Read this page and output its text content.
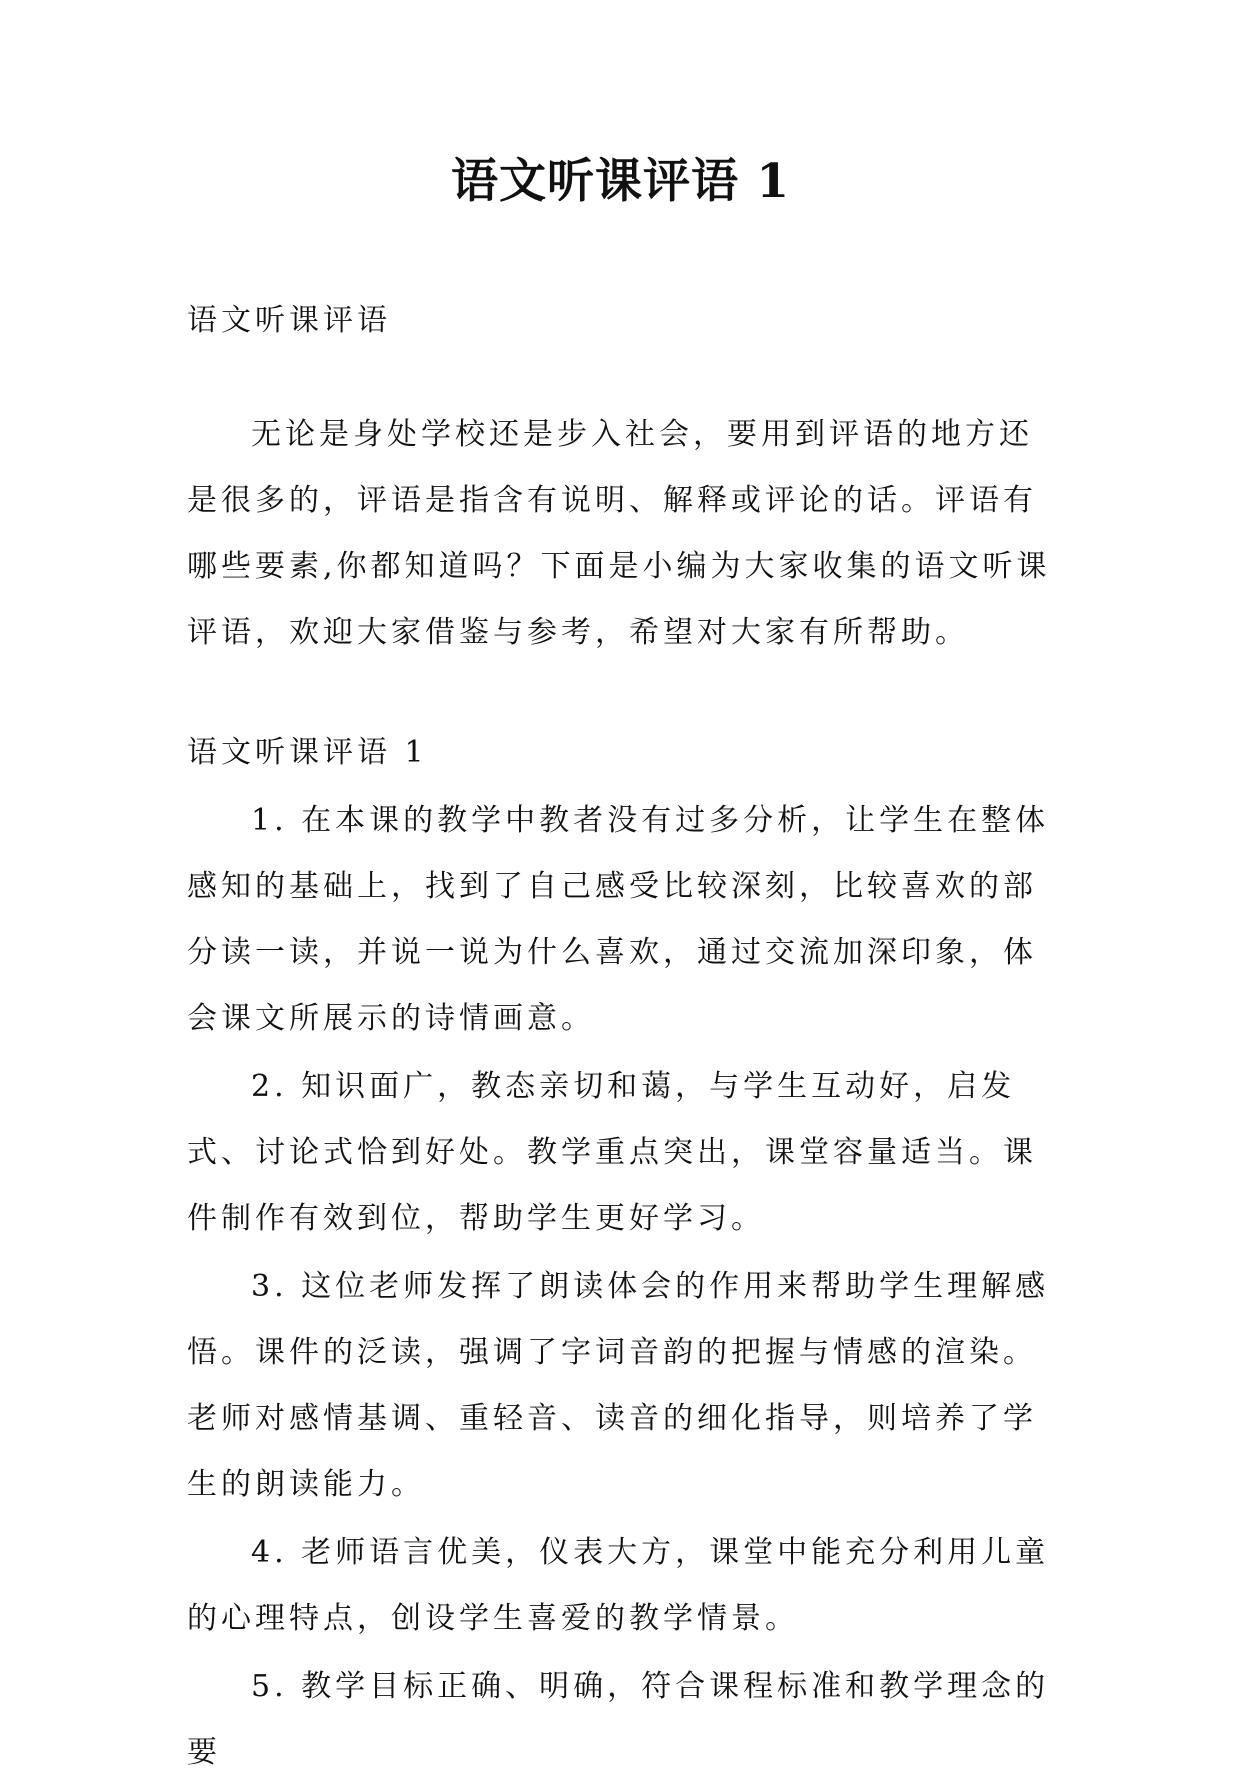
语文听课评语 1

语文听课评语

无论是身处学校还是步入社会，要用到评语的地方还是很多的，评语是指含有说明、解释或评论的话。评语有哪些要素,你都知道吗？下面是小编为大家收集的语文听课评语，欢迎大家借鉴与参考，希望对大家有所帮助。

语文听课评语 1

1. 在本课的教学中教者没有过多分析，让学生在整体感知的基础上，找到了自己感受比较深刻，比较喜欢的部分读一读，并说一说为什么喜欢，通过交流加深印象，体会课文所展示的诗情画意。

2. 知识面广，教态亲切和蔼，与学生互动好，启发式、讨论式恰到好处。教学重点突出，课堂容量适当。课件制作有效到位，帮助学生更好学习。

3. 这位老师发挥了朗读体会的作用来帮助学生理解感悟。课件的泛读，强调了字词音韵的把握与情感的渲染。老师对感情基调、重轻音、读音的细化指导，则培养了学生的朗读能力。

4. 老师语言优美，仪表大方，课堂中能充分利用儿童的心理特点，创设学生喜爱的教学情景。

5. 教学目标正确、明确，符合课程标准和教学理念的要
